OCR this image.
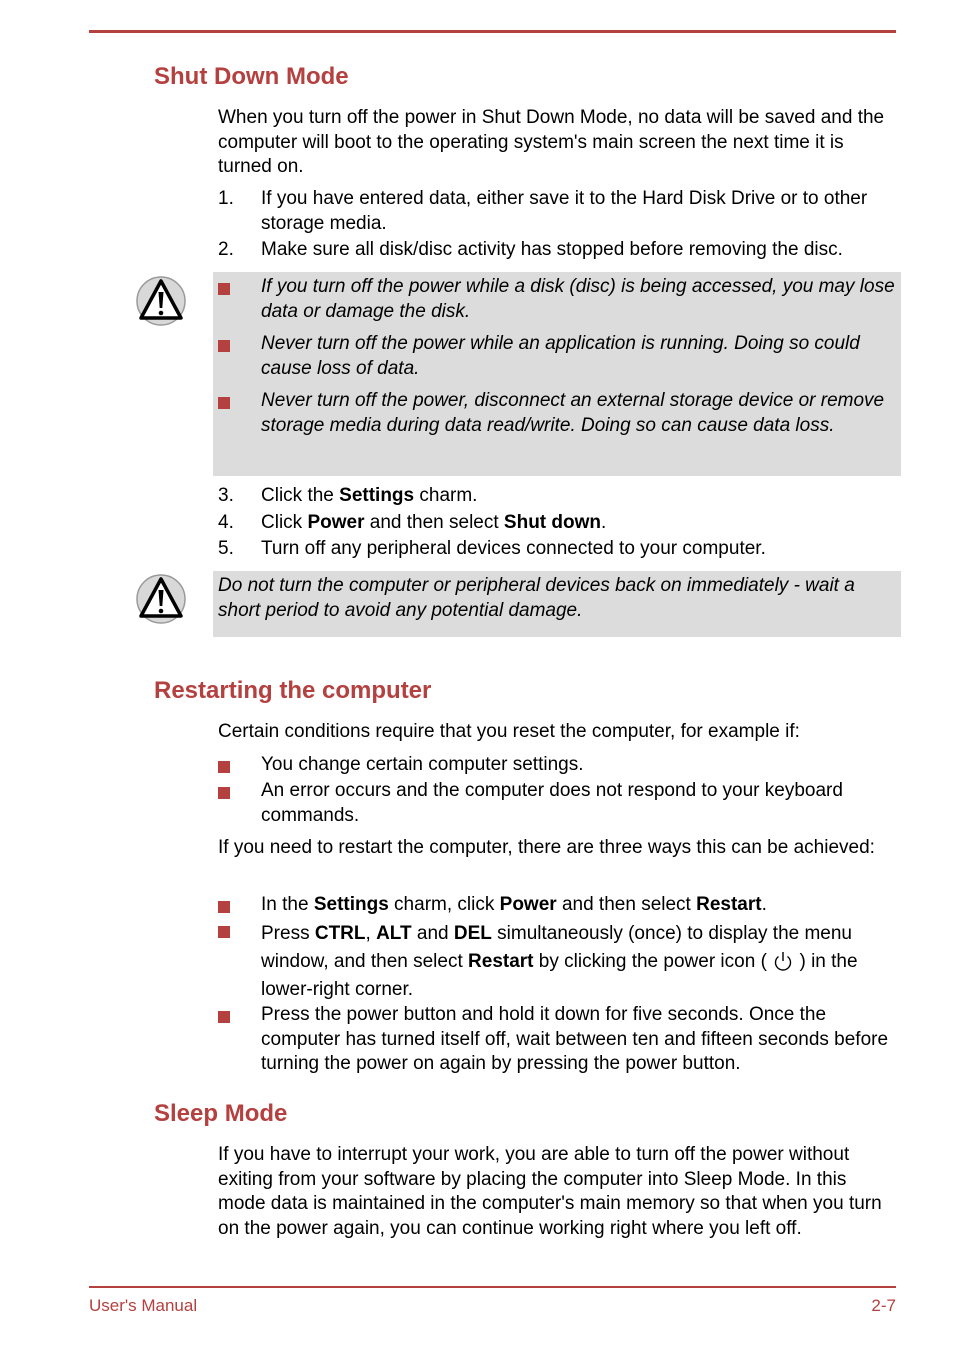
Shut Down Mode

When you turn off the power in Shut Down Mode, no data will be saved and the computer will boot to the operating system's main screen the next time it is turned on.

1. If you have entered data, either save it to the Hard Disk Drive or to other storage media.
2. Make sure all disk/disc activity has stopped before removing the disc.
If you turn off the power while a disk (disc) is being accessed, you may lose data or damage the disk.
Never turn off the power while an application is running. Doing so could cause loss of data.
Never turn off the power, disconnect an external storage device or remove storage media during data read/write. Doing so can cause data loss.
3. Click the Settings charm.
4. Click Power and then select Shut down.
5. Turn off any peripheral devices connected to your computer.
Do not turn the computer or peripheral devices back on immediately - wait a short period to avoid any potential damage.
Restarting the computer

Certain conditions require that you reset the computer, for example if:

You change certain computer settings.
An error occurs and the computer does not respond to your keyboard commands.

If you need to restart the computer, there are three ways this can be achieved:

In the Settings charm, click Power and then select Restart.
Press CTRL, ALT and DEL simultaneously (once) to display the menu window, and then select Restart by clicking the power icon (  ) in the lower-right corner.
Press the power button and hold it down for five seconds. Once the computer has turned itself off, wait between ten and fifteen seconds before turning the power on again by pressing the power button.
Sleep Mode

If you have to interrupt your work, you are able to turn off the power without exiting from your software by placing the computer into Sleep Mode. In this mode data is maintained in the computer's main memory so that when you turn on the power again, you can continue working right where you left off.

User's Manual	2-7
